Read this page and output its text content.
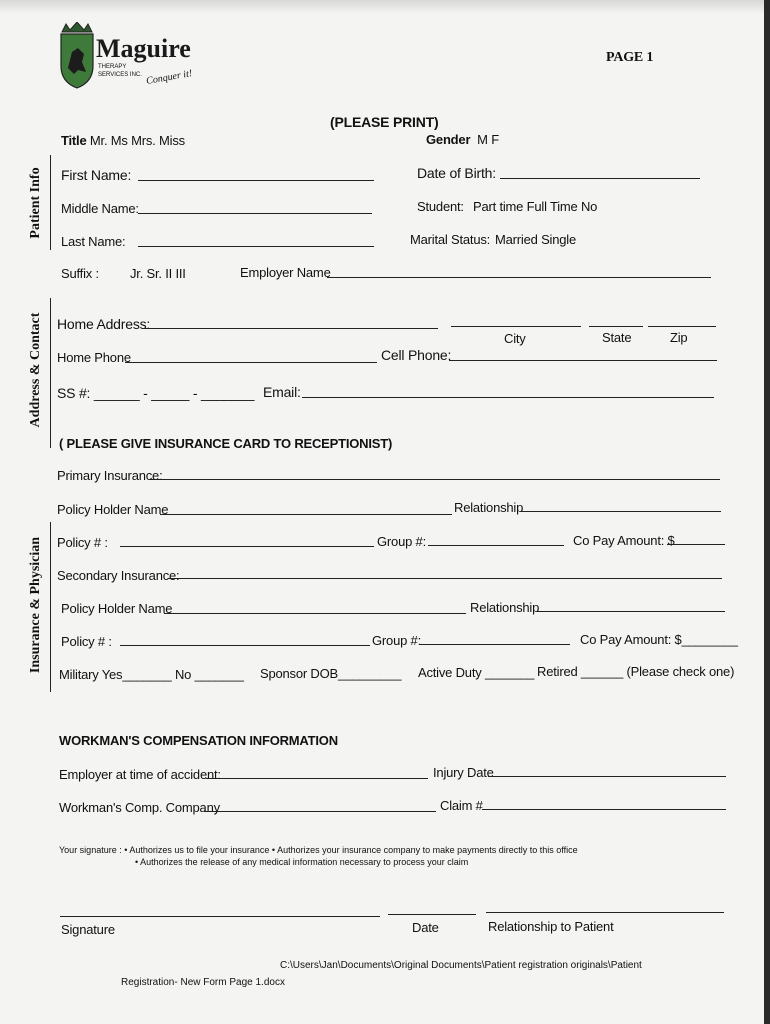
Maguire
THERAPY
SERVICES INC. Conquer it!
PAGE 1
(PLEASE PRINT)
Patient Info
Address & Contact
Insurance & Physician
Title Mr. Ms Mrs. Miss	Gender M F
First Name:	Date of Birth:
Middle Name:	Student: Part time Full Time No
Last Name:	Marital Status: Married Single
Suffix : Jr. Sr. II III	Employer Name
Home Address:
City	State	Zip
Home Phone	Cell Phone:
SS #: ______ - _____ - _______ Email:
( PLEASE GIVE INSURANCE CARD TO RECEPTIONIST)
Primary Insurance:
Policy Holder Name	Relationship
Policy # :	Group #:	Co Pay Amount: $
Secondary Insurance:
Policy Holder Name	Relationship
Policy # :	Group #:	Co Pay Amount: $________
Military Yes_______ No _______ Sponsor DOB_________ Active Duty _______ Retired ______ (Please check one)
WORKMAN'S COMPENSATION INFORMATION
Employer at time of accident:	Injury Date
Workman's Comp. Company	Claim #
Your signature : • Authorizes us to file your insurance • Authorizes your insurance company to make payments directly to this office
• Authorizes the release of any medical information necessary to process your claim
Signature	Date	Relationship to Patient
C:\Users\Jan\Documents\Original Documents\Patient registration originals\Patient
Registration- New Form Page 1.docx
